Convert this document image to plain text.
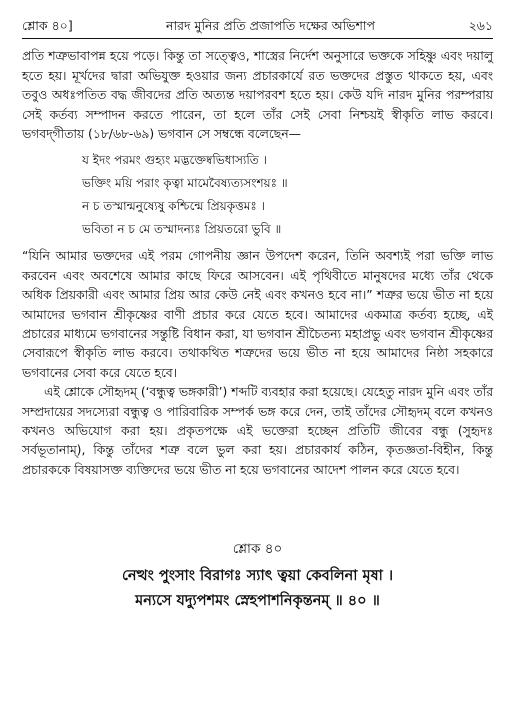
শ্লোক ৪০]	নারদ মুনির প্রতি প্রজাপতি দক্ষের অভিশাপ	২৬১

প্রতি শত্রুভাবাপন্ন হয়ে পড়ে। কিন্তু তা সত্ত্বেও, শাস্ত্রের নির্দেশ অনুসারে ভক্তকে সহিষ্ণু এবং দয়ালু হতে হয়। মূর্খদের দ্বারা অভিযুক্ত হওয়ার জন্য প্রচারকার্যে রত ভক্তদের প্রস্তুত থাকতে হয়, এবং তবুও অধঃপতিত বদ্ধ জীবদের প্রতি অত্যন্ত দয়াপরবশ হতে হয়। কেউ যদি নারদ মুনির পরম্পরায় সেই কর্তব্য সম্পাদন করতে পারেন, তা হলে তাঁর সেই সেবা নিশ্চয়ই স্বীকৃতি লাভ করবে। ভগবদ্‌গীতায় (১৮/৬৮-৬৯) ভগবান সে সম্বন্ধে বলেছেন—

য ইদং পরমং গুহ্যং মদ্ভক্তেষ্বভিধাস্যতি ।
ভক্তিং ময়ি পরাং কৃত্বা মামেবৈষ্যত্যসংশয়ঃ ॥
ন চ তস্মান্মনুষ্যেষু কশ্চিন্মে প্রিয়কৃত্তমঃ ।
ভবিতা ন চ মে তস্মাদন্যঃ প্রিয়তরো ভুবি ॥

“যিনি আমার ভক্তদের এই পরম গোপনীয় জ্ঞান উপদেশ করেন, তিনি অবশ্যই পরা ভক্তি লাভ করবেন এবং অবশেষে আমার কাছে ফিরে আসবেন। এই পৃথিবীতে মানুষদের মধ্যে তাঁর থেকে অধিক প্রিয়কারী এবং আমার প্রিয় আর কেউ নেই এবং কখনও হবে না।” শত্রুর ভয়ে ভীত না হয়ে আমাদের ভগবান শ্রীকৃষ্ণের বাণী প্রচার করে যেতে হবে। আমাদের একমাত্র কর্তব্য হচ্ছে, এই প্রচারের মাধ্যমে ভগবানের সন্তুষ্টি বিধান করা, যা ভগবান শ্রীচৈতন্য মহাপ্রভু এবং ভগবান শ্রীকৃষ্ণের সেবারূপে স্বীকৃতি লাভ করবে। তথাকথিত শত্রুদের ভয়ে ভীত না হয়ে আমাদের নিষ্ঠা সহকারে ভগবানের সেবা করে যেতে হবে।

এই শ্লোকে সৌহৃদম্ (‘বন্ধুত্ব ভঙ্গকারী’) শব্দটি ব্যবহার করা হয়েছে। যেহেতু নারদ মুনি এবং তাঁর সম্প্রদায়ের সদস্যেরা বন্ধুত্ব ও পারিবারিক সম্পর্ক ভঙ্গ করে দেন, তাই তাঁদের সৌহৃদম্ বলে কখনও কখনও অভিযোগ করা হয়। প্রকৃতপক্ষে এই ভক্তেরা হচ্ছেন প্রতিটি জীবের বন্ধু (সুহৃদঃ সর্বভূতানাম্), কিন্তু তাঁদের শত্রু বলে ভুল করা হয়। প্রচারকার্য কঠিন, কৃতজ্ঞতা-বিহীন, কিন্তু প্রচারককে বিষয়াসক্ত ব্যক্তিদের ভয়ে ভীত না হয়ে ভগবানের আদেশ পালন করে যেতে হবে।

শ্লোক ৪০
নেত্থং পুংসাং বিরাগঃ স্যাৎ ত্বয়া কেবলিনা মৃষা ।
মন্যসে যদ্যুপশমং স্নেহপাশনিকৃন্তনম্ ॥ ৪০ ॥
